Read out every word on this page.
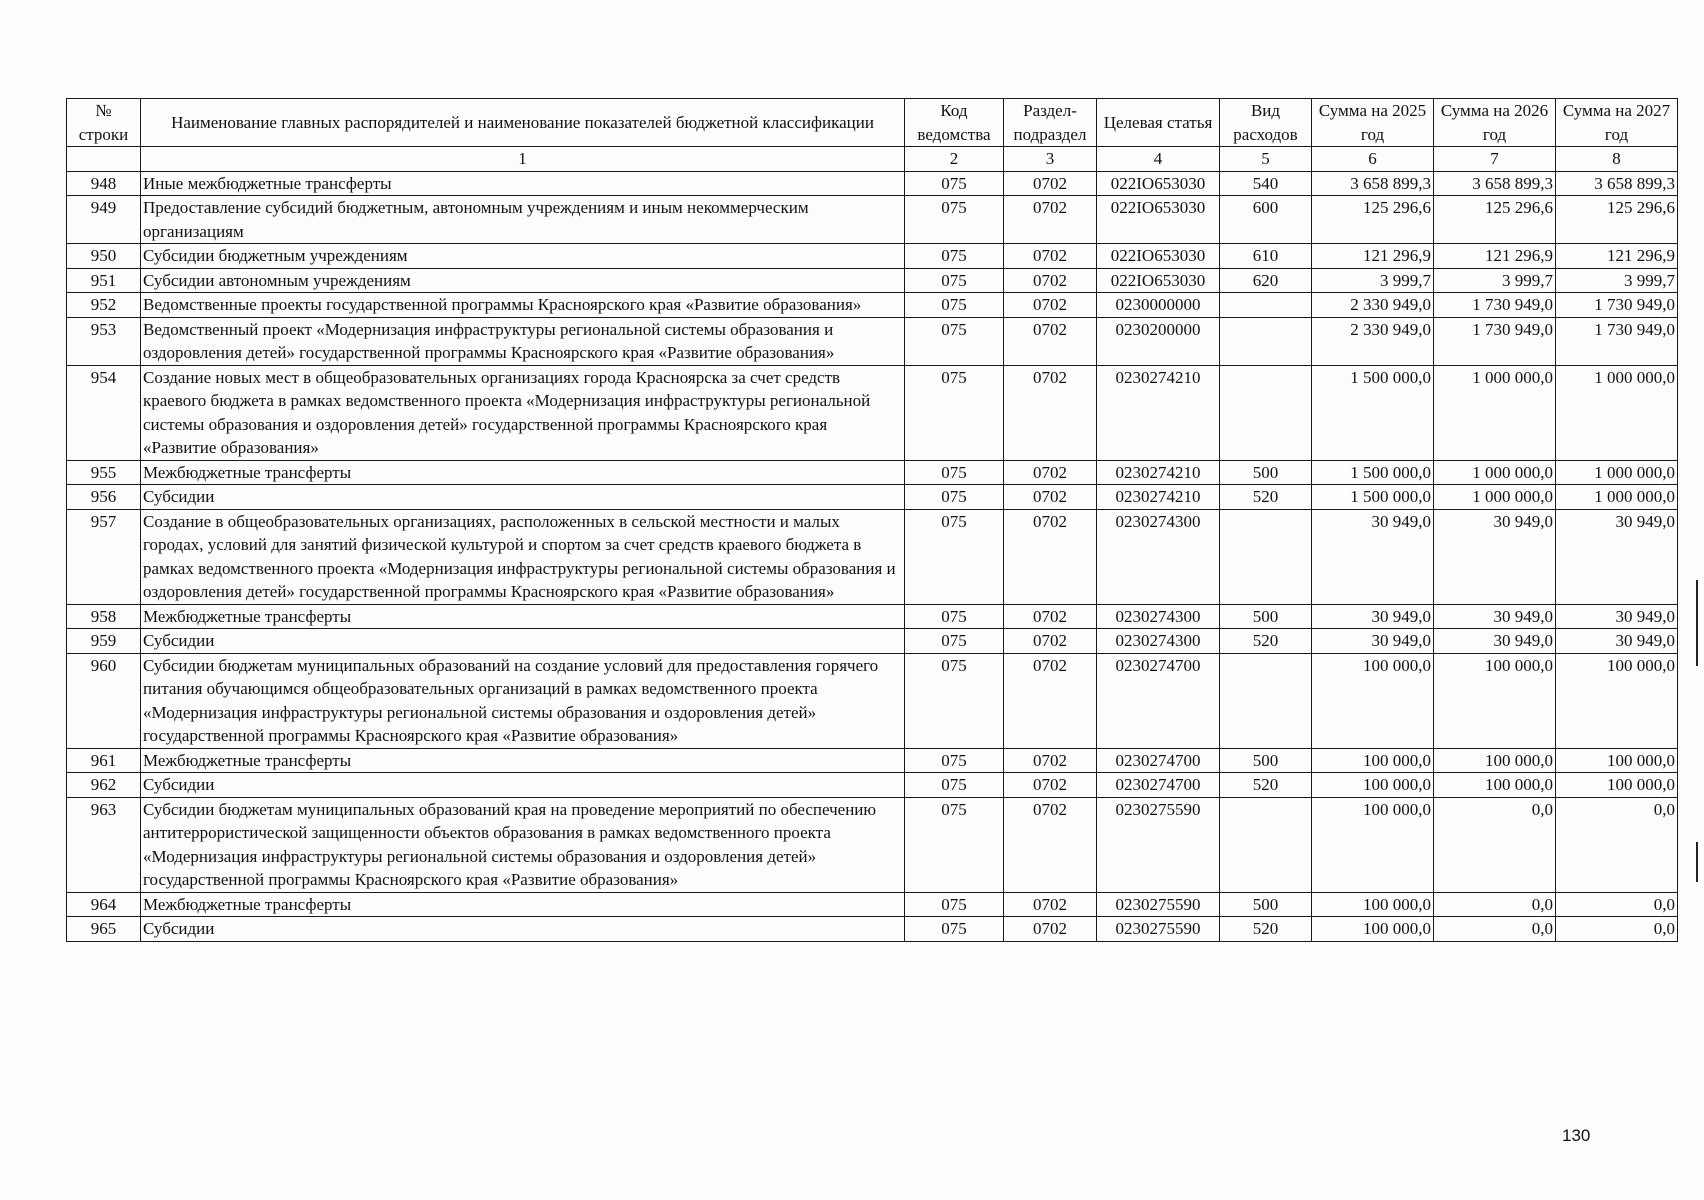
№ строки	Наименование главных распорядителей и наименование показателей бюджетной классификации	Код ведомства	Раздел-подраздел	Целевая статья	Вид расходов	Сумма на 2025 год	Сумма на 2026 год	Сумма на 2027 год
	1	2	3	4	5	6	7	8
948	Иные межбюджетные трансферты	075	0702	022IO653030	540	3 658 899,3	3 658 899,3	3 658 899,3
949	Предоставление субсидий бюджетным, автономным учреждениям и иным некоммерческим организациям	075	0702	022IO653030	600	125 296,6	125 296,6	125 296,6
950	Субсидии бюджетным учреждениям	075	0702	022IO653030	610	121 296,9	121 296,9	121 296,9
951	Субсидии автономным учреждениям	075	0702	022IO653030	620	3 999,7	3 999,7	3 999,7
952	Ведомственные проекты государственной программы Красноярского края «Развитие образования»	075	0702	0230000000		2 330 949,0	1 730 949,0	1 730 949,0
953	Ведомственный проект «Модернизация инфраструктуры региональной системы образования и оздоровления детей» государственной программы Красноярского края «Развитие образования»	075	0702	0230200000		2 330 949,0	1 730 949,0	1 730 949,0
954	Создание новых мест в общеобразовательных организациях города Красноярска за счет средств краевого бюджета в рамках ведомственного проекта «Модернизация инфраструктуры региональной системы образования и оздоровления детей» государственной программы Красноярского края «Развитие образования»	075	0702	0230274210		1 500 000,0	1 000 000,0	1 000 000,0
955	Межбюджетные трансферты	075	0702	0230274210	500	1 500 000,0	1 000 000,0	1 000 000,0
956	Субсидии	075	0702	0230274210	520	1 500 000,0	1 000 000,0	1 000 000,0
957	Создание в общеобразовательных организациях, расположенных в сельской местности и малых городах, условий для занятий физической культурой и спортом за счет средств краевого бюджета в рамках ведомственного проекта «Модернизация инфраструктуры региональной системы образования и оздоровления детей» государственной программы Красноярского края «Развитие образования»	075	0702	0230274300		30 949,0	30 949,0	30 949,0
958	Межбюджетные трансферты	075	0702	0230274300	500	30 949,0	30 949,0	30 949,0
959	Субсидии	075	0702	0230274300	520	30 949,0	30 949,0	30 949,0
960	Субсидии бюджетам муниципальных образований на создание условий для предоставления горячего питания обучающимся общеобразовательных организаций в рамках ведомственного проекта «Модернизация инфраструктуры региональной системы образования и оздоровления детей» государственной программы Красноярского края «Развитие образования»	075	0702	0230274700		100 000,0	100 000,0	100 000,0
961	Межбюджетные трансферты	075	0702	0230274700	500	100 000,0	100 000,0	100 000,0
962	Субсидии	075	0702	0230274700	520	100 000,0	100 000,0	100 000,0
963	Субсидии бюджетам муниципальных образований края на проведение мероприятий по обеспечению антитеррористической защищенности объектов образования в рамках ведомственного проекта «Модернизация инфраструктуры региональной системы образования и оздоровления детей» государственной программы Красноярского края «Развитие образования»	075	0702	0230275590		100 000,0	0,0	0,0
964	Межбюджетные трансферты	075	0702	0230275590	500	100 000,0	0,0	0,0
965	Субсидии	075	0702	0230275590	520	100 000,0	0,0	0,0
130
